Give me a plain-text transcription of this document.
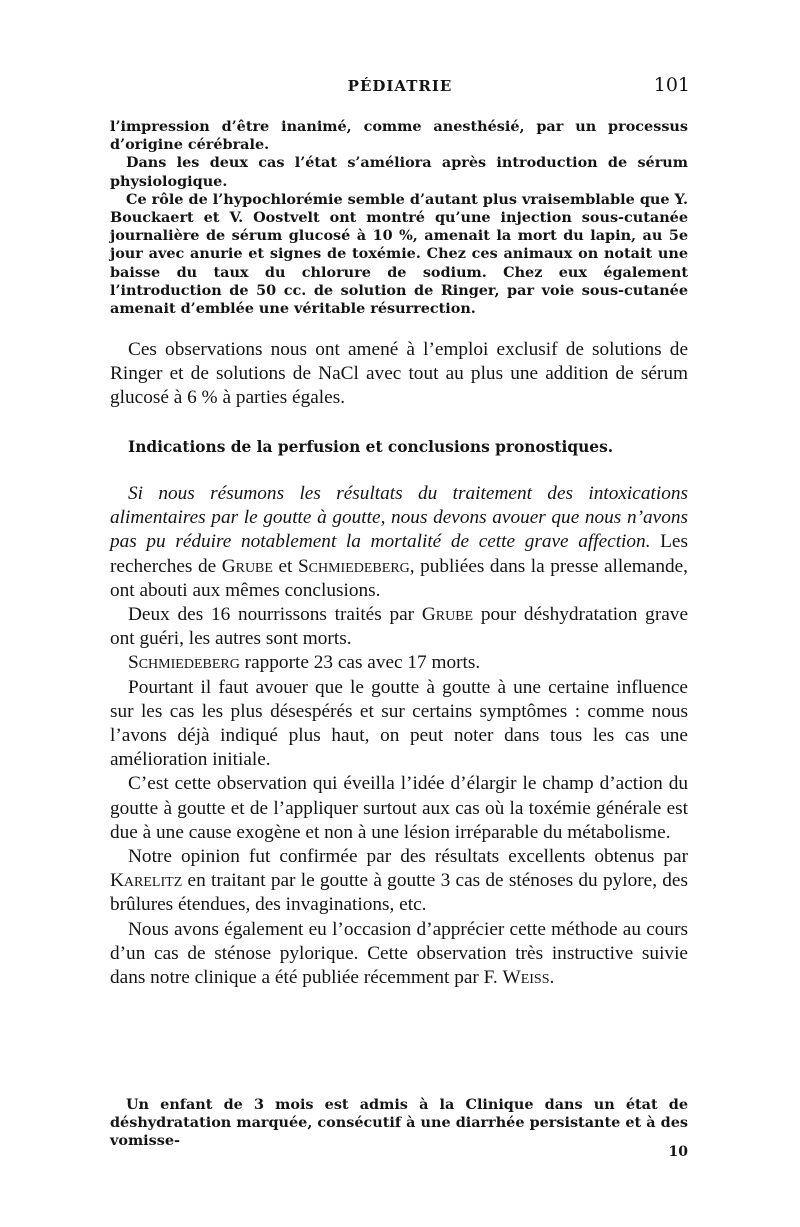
PÉDIATRIE	101

l’impression d’être inanimé, comme anesthésié, par un processus d’origine cérébrale.

Dans les deux cas l’état s’améliora après introduction de sérum physiologique.

Ce rôle de l’hypochlorémie semble d’autant plus vraisemblable que Y. Bouckaert et V. Oostvelt ont montré qu’une injection sous-cutanée journalière de sérum glucosé à 10 %, amenait la mort du lapin, au 5e jour avec anurie et signes de toxémie. Chez ces animaux on notait une baisse du taux du chlorure de sodium. Chez eux également l’introduction de 50 cc. de solution de Ringer, par voie sous-cutanée amenait d’emblée une véritable résurrection.

Ces observations nous ont amené à l’emploi exclusif de solutions de Ringer et de solutions de NaCl avec tout au plus une addition de sérum glucosé à 6 % à parties égales.

Indications de la perfusion et conclusions pronostiques.

Si nous résumons les résultats du traitement des intoxications alimentaires par le goutte à goutte, nous devons avouer que nous n’avons pas pu réduire notablement la mortalité de cette grave affection. Les recherches de Grube et Schmiedeberg, publiées dans la presse allemande, ont abouti aux mêmes conclusions.

Deux des 16 nourrissons traités par Grube pour déshydratation grave ont guéri, les autres sont morts.

Schmiedeberg rapporte 23 cas avec 17 morts.

Pourtant il faut avouer que le goutte à goutte à une certaine influence sur les cas les plus désespérés et sur certains symptômes : comme nous l’avons déjà indiqué plus haut, on peut noter dans tous les cas une amélioration initiale.

C’est cette observation qui éveilla l’idée d’élargir le champ d’action du goutte à goutte et de l’appliquer surtout aux cas où la toxémie générale est due à une cause exogène et non à une lésion irréparable du métabolisme.

Notre opinion fut confirmée par des résultats excellents obtenus par Karelitz en traitant par le goutte à goutte 3 cas de sténoses du pylore, des brûlures étendues, des invaginations, etc.

Nous avons également eu l’occasion d’apprécier cette méthode au cours d’un cas de sténose pylorique. Cette observation très instructive suivie dans notre clinique a été publiée récemment par F. Weiss.

Un enfant de 3 mois est admis à la Clinique dans un état de déshydratation marquée, consécutif à une diarrhée persistante et à des vomisse-

10
